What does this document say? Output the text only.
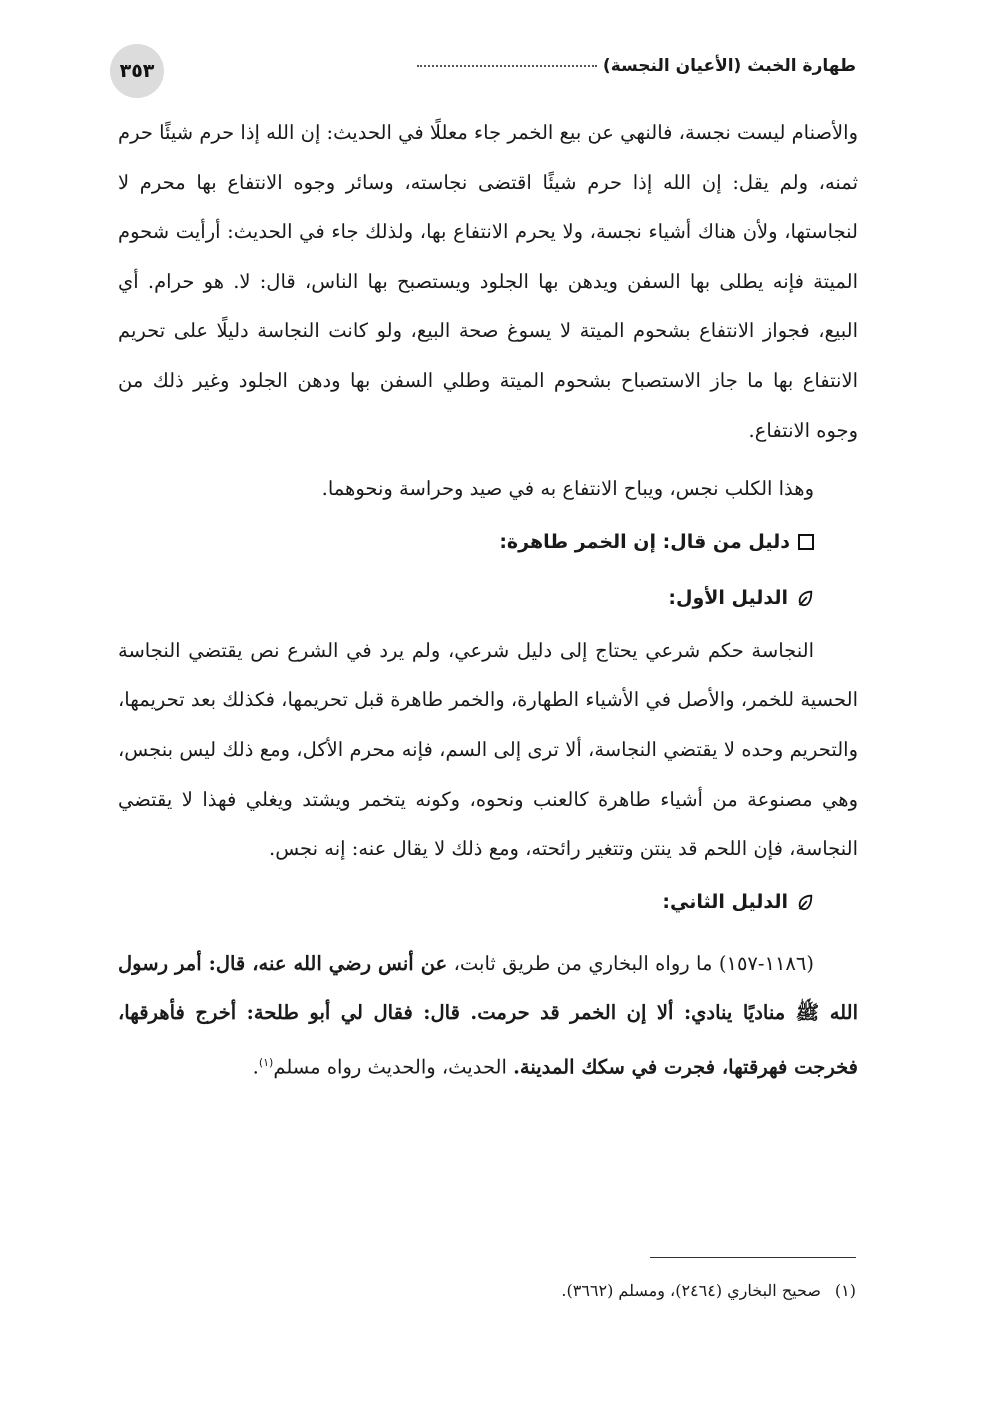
٣٥٣	طهارة الخبث (الأعيان النجسة)

والأصنام ليست نجسة، فالنهي عن بيع الخمر جاء معللًا في الحديث: إن الله إذا حرم شيئًا حرم ثمنه، ولم يقل: إن الله إذا حرم شيئًا اقتضى نجاسته، وسائر وجوه الانتفاع بها محرم لا لنجاستها، ولأن هناك أشياء نجسة، ولا يحرم الانتفاع بها، ولذلك جاء في الحديث: أرأيت شحوم الميتة فإنه يطلى بها السفن ويدهن بها الجلود ويستصبح بها الناس، قال: لا. هو حرام. أي البيع، فجواز الانتفاع بشحوم الميتة لا يسوغ صحة البيع، ولو كانت النجاسة دليلًا على تحريم الانتفاع بها ما جاز الاستصباح بشحوم الميتة وطلي السفن بها ودهن الجلود وغير ذلك من وجوه الانتفاع.

وهذا الكلب نجس، ويباح الانتفاع به في صيد وحراسة ونحوهما.

دليل من قال: إن الخمر طاهرة:
الدليل الأول:

النجاسة حكم شرعي يحتاج إلى دليل شرعي، ولم يرد في الشرع نص يقتضي النجاسة الحسية للخمر، والأصل في الأشياء الطهارة، والخمر طاهرة قبل تحريمها، فكذلك بعد تحريمها، والتحريم وحده لا يقتضي النجاسة، ألا ترى إلى السم، فإنه محرم الأكل، ومع ذلك ليس بنجس، وهي مصنوعة من أشياء طاهرة كالعنب ونحوه، وكونه يتخمر ويشتد ويغلي فهذا لا يقتضي النجاسة، فإن اللحم قد ينتن وتتغير رائحته، ومع ذلك لا يقال عنه: إنه نجس.

الدليل الثاني:

(١١٨٦-١٥٧) ما رواه البخاري من طريق ثابت، عن أنس رضي الله عنه، قال: أمر رسول الله ﷺ مناديًا ينادي: ألا إن الخمر قد حرمت. قال: فقال لي أبو طلحة: أخرج فأهرقها، فخرجت فهرقتها، فجرت في سكك المدينة. الحديث، والحديث رواه مسلم$^{(١)}$.

(١)صحيح البخاري (٢٤٦٤)، ومسلم (٣٦٦٢).
